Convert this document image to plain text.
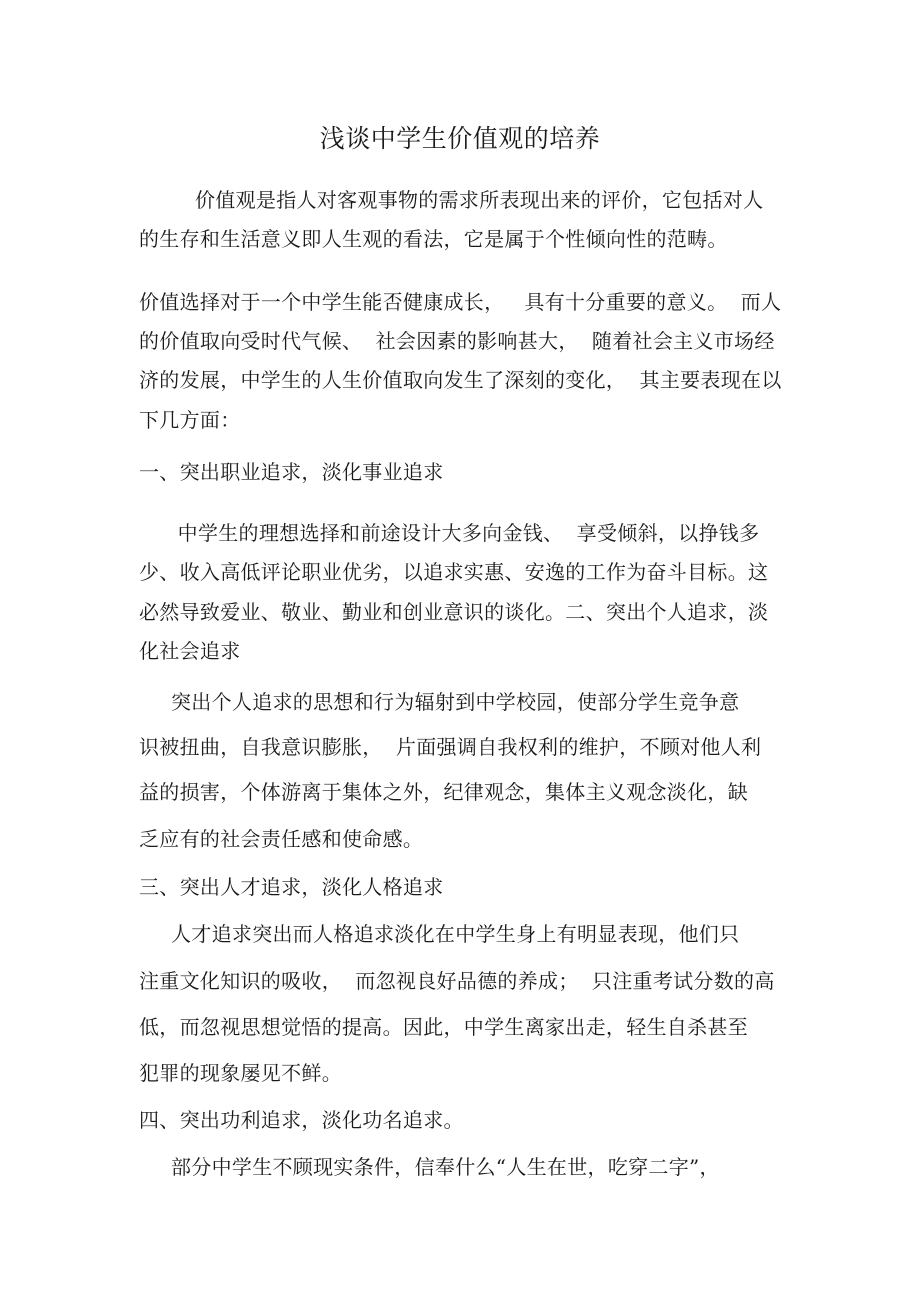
浅谈中学生价值观的培养
价值观是指人对客观事物的需求所表现出来的评价，它包括对人
的生存和生活意义即人生观的看法，它是属于个性倾向性的范畴。
价值选择对于一个中学生能否健康成长，   具有十分重要的意义。  而人
的价值取向受时代气候、  社会因素的影响甚大，  随着社会主义市场经
济的发展，中学生的人生价值取向发生了深刻的变化，  其主要表现在以
下几方面：
一、突出职业追求，淡化事业追求
中学生的理想选择和前途设计大多向金钱、  享受倾斜，以挣钱多
少、收入高低评论职业优劣，以追求实惠、安逸的工作为奋斗目标。这
必然导致爱业、敬业、勤业和创业意识的谈化。二、突出个人追求，淡
化社会追求
突出个人追求的思想和行为辐射到中学校园，使部分学生竞争意
识被扭曲，自我意识膨胀，  片面强调自我权利的维护，不顾对他人利
益的损害，个体游离于集体之外，纪律观念，集体主义观念淡化，缺
乏应有的社会责任感和使命感。
三、突出人才追求，淡化人格追求
人才追求突出而人格追求淡化在中学生身上有明显表现，他们只
注重文化知识的吸收，  而忽视良好品德的养成；  只注重考试分数的高
低，而忽视思想觉悟的提高。因此，中学生离家出走，轻生自杀甚至
犯罪的现象屡见不鲜。
四、突出功利追求，淡化功名追求。
部分中学生不顾现实条件，信奉什么“人生在世，吃穿二字”，
